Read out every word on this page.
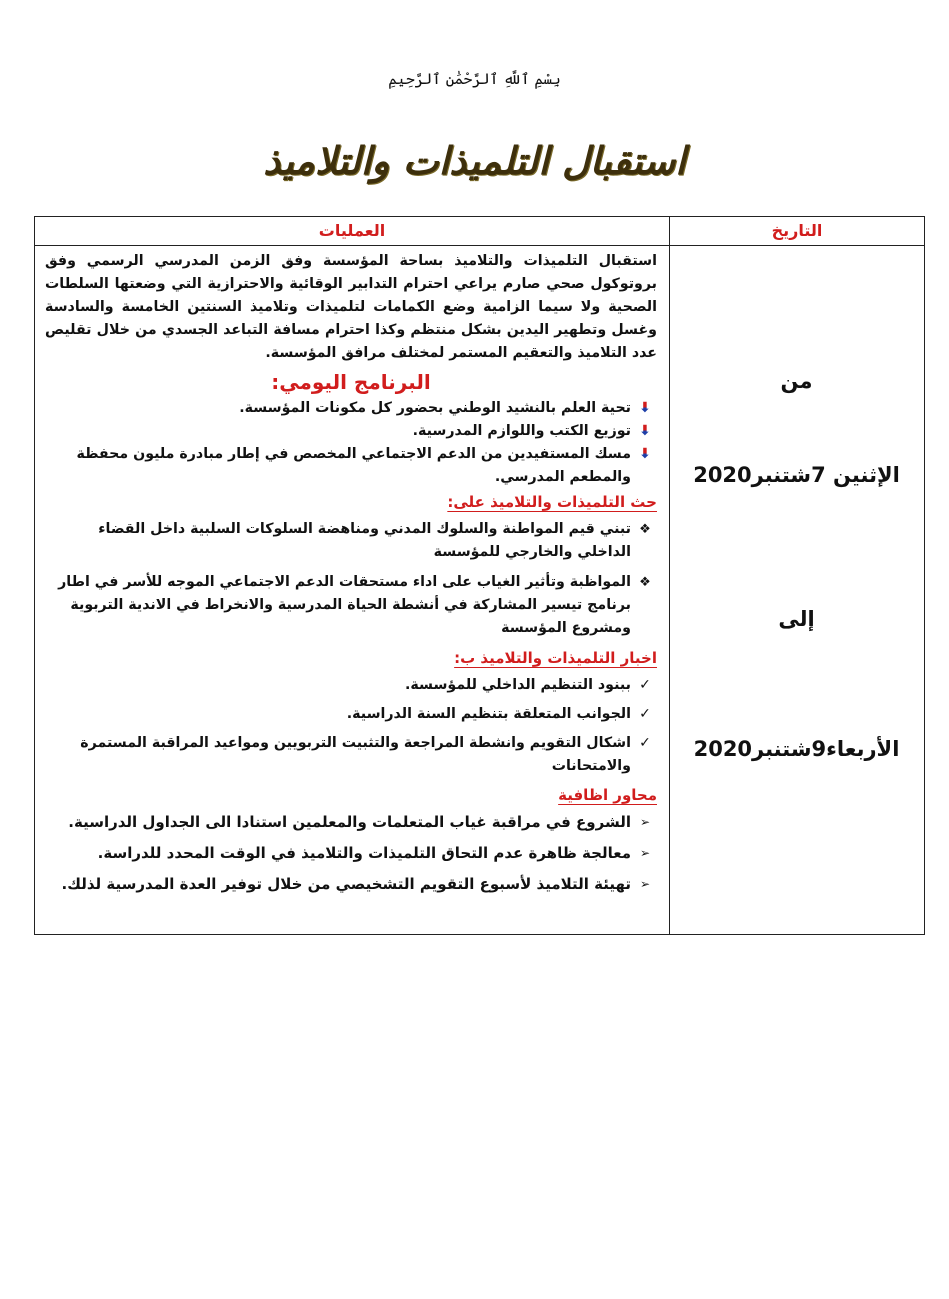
بِسْمِ ٱللَّهِ ٱلرَّحْمَٰنِ ٱلرَّحِيمِ
استقبال التلميذات والتلاميذ
التاريخ
من
الإثنين 7شتنبر2020
إلى
الأربعاء9شتنبر2020
العمليات

استقبال التلميذات والتلاميذ بساحة المؤسسة وفق الزمن المدرسي الرسمي وفق بروتوكول صحي صارم يراعي احترام التدابير الوقائية والاحترازية التي وضعتها السلطات الصحية ولا سيما الزامية وضع الكمامات لتلميذات وتلاميذ السنتين الخامسة والسادسة وغسل وتطهير اليدين بشكل منتظم وكذا احترام مسافة التباعد الجسدي من خلال تقليص عدد التلاميذ والتعقيم المستمر لمختلف مرافق المؤسسة.

البرنامج اليومي:
⬇
تحية العلم بالنشيد الوطني بحضور كل مكونات المؤسسة.
⬇
توزيع الكتب واللوازم المدرسية.
⬇
مسك المستفيدين من الدعم الاجتماعي المخصص في إطار مبادرة مليون محفظة والمطعم المدرسي.
حث التلميذات والتلاميذ على:
❖
تبني قيم المواطنة والسلوك المدني ومناهضة السلوكات السلبية داخل القضاء الداخلي والخارجي للمؤسسة
❖
المواظبة وتأثير الغياب على اداء مستحقات الدعم الاجتماعي الموجه للأسر في اطار برنامج تيسير المشاركة في أنشطة الحياة المدرسية والانخراط في الاندية التربوية ومشروع المؤسسة
اخبار التلميذات والتلاميذ ب:
✓
ببنود التنظيم الداخلي للمؤسسة.
✓
الجوانب المتعلقة بتنظيم السنة الدراسية.
✓
اشكال التقويم وانشطة المراجعة والتثبيت التربويين ومواعيد المراقبة المستمرة والامتحانات
محاور اظافية
➢
الشروع في مراقبة غياب المتعلمات والمعلمين استنادا الى الجداول الدراسية.
➢
معالجة ظاهرة عدم التحاق التلميذات والتلاميذ في الوقت المحدد للدراسة.
➢
تهيئة التلاميذ لأسبوع التقويم التشخيصي من خلال توفير العدة المدرسية لذلك.
